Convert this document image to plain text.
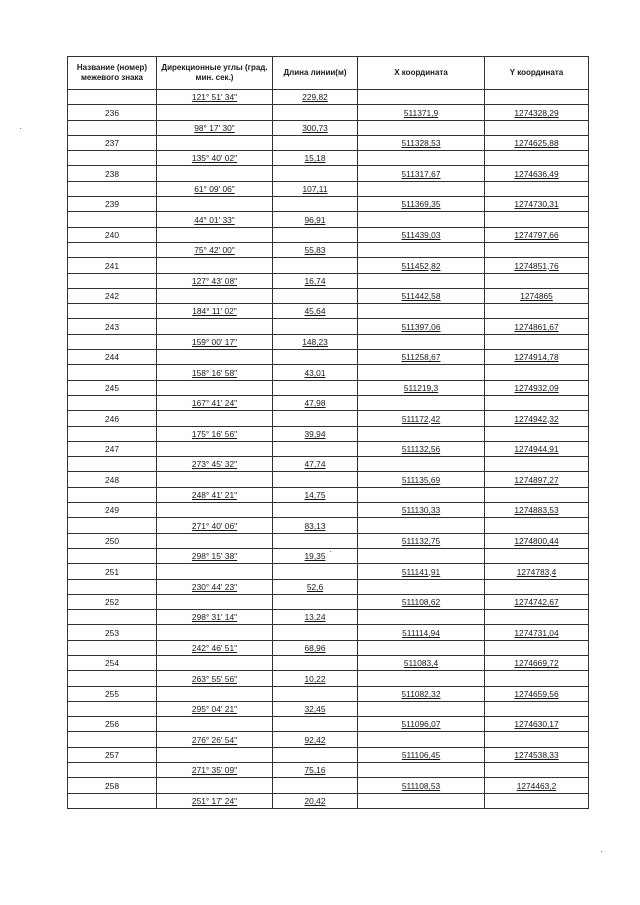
Название (номер) межевого знака	Дирекционные углы (град. мин. сек.)	Длина линии(м)	X координата	Y координата
	121° 51' 34"	229,82		
236			511371,9	1274328,29
	98° 17' 30"	300,73		
237			511328,53	1274625,88
	135° 40' 02"	15,18		
238			511317,67	1274636,49
	61° 09' 06"	107,11		
239			511369,35	1274730,31
	44° 01' 33"	96,91		
240			511439,03	1274797,66
	75° 42' 00"	55,83		
241			511452,82	1274851,76
	127° 43' 08"	16,74		
242			511442,58	1274865
	184° 11' 02"	45,64		
243			511397,06	1274861,67
	159° 00' 17"	148,23		
244			511258,67	1274914,78
	158° 16' 58"	43,01		
245			511219,3	1274932,09
	167° 41' 24"	47,98		
246			511172,42	1274942,32
	175° 16' 56"	39,94		
247			511132,56	1274944,91
	273° 45' 32"	47,74		
248			511135,69	1274897,27
	248° 41' 21"	14,75		
249			511130,33	1274883,53
	271° 40' 06"	83,13		
250			511132,75	1274800,44
	298° 15' 38"	19,35		
251			511141,91	1274783,4
	230° 44' 23"	52,6		
252			511108,62	1274742,67
	298° 31' 14"	13,24		
253			511114,94	1274731,04
	242° 46' 51"	68,96		
254			511083,4	1274669,72
	263° 55' 56"	10,22		
255			511082,32	1274659,56
	295° 04' 21"	32,45		
256			511096,07	1274630,17
	276° 26' 54"	92,42		
257			511106,45	1274538,33
	271° 35' 09"	75,16		
258			511108,53	1274463,2
	251° 17' 24"	20,42		
